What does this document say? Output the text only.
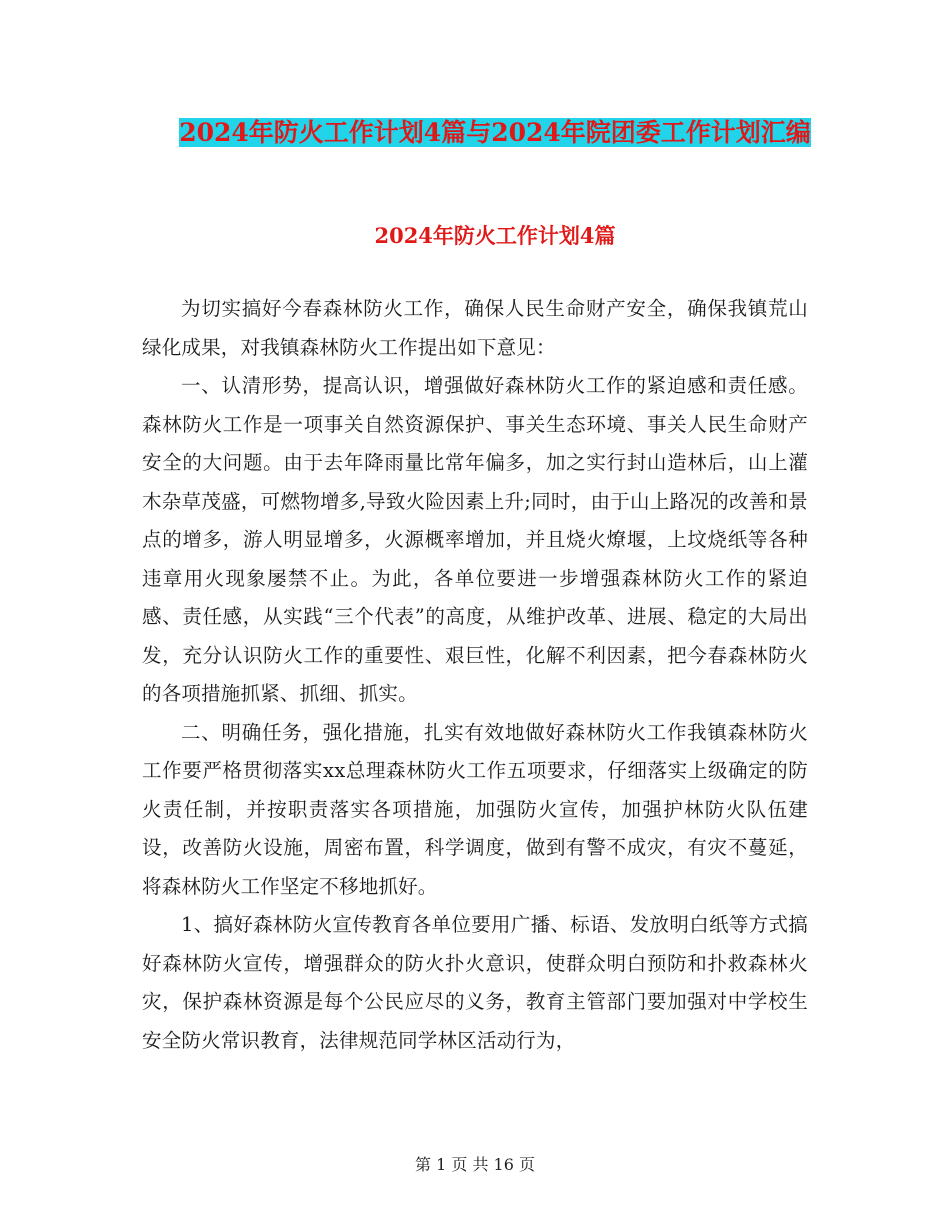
2024年防火工作计划4篇与2024年院团委工作计划汇编
2024年防火工作计划4篇

为切实搞好今春森林防火工作，确保人民生命财产安全，确保我镇荒山绿化成果，对我镇森林防火工作提出如下意见：

一、认清形势，提高认识，增强做好森林防火工作的紧迫感和责任感。森林防火工作是一项事关自然资源保护、事关生态环境、事关人民生命财产安全的大问题。由于去年降雨量比常年偏多，加之实行封山造林后，山上灌木杂草茂盛，可燃物增多,导致火险因素上升;同时，由于山上路况的改善和景点的增多，游人明显增多，火源概率增加，并且烧火燎堰，上坟烧纸等各种违章用火现象屡禁不止。为此，各单位要进一步增强森林防火工作的紧迫感、责任感，从实践“三个代表”的高度，从维护改革、进展、稳定的大局出发，充分认识防火工作的重要性、艰巨性，化解不利因素，把今春森林防火的各项措施抓紧、抓细、抓实。

二、明确任务，强化措施，扎实有效地做好森林防火工作我镇森林防火工作要严格贯彻落实xx总理森林防火工作五项要求，仔细落实上级确定的防火责任制，并按职责落实各项措施，加强防火宣传，加强护林防火队伍建设，改善防火设施，周密布置，科学调度，做到有警不成灾，有灾不蔓延，将森林防火工作坚定不移地抓好。

1、搞好森林防火宣传教育各单位要用广播、标语、发放明白纸等方式搞好森林防火宣传，增强群众的防火扑火意识，使群众明白预防和扑救森林火灾，保护森林资源是每个公民应尽的义务，教育主管部门要加强对中学校生安全防火常识教育，法律规范同学林区活动行为，

第 1 页 共 16 页
